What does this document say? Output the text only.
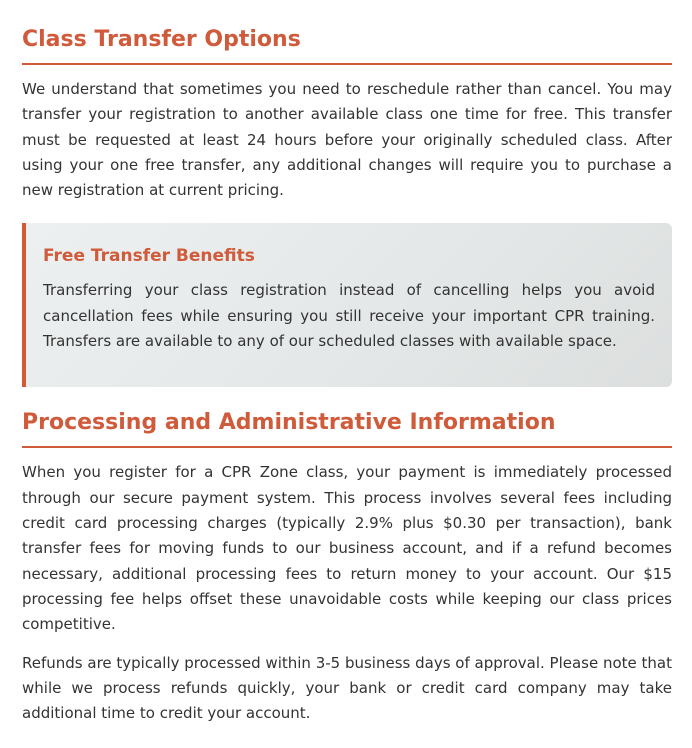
Class Transfer Options

We understand that sometimes you need to reschedule rather than cancel. You may transfer your registration to another available class one time for free. This transfer must be requested at least 24 hours before your originally scheduled class. After using your one free transfer, any additional changes will require you to purchase a new registration at current pricing.

Free Transfer Benefits

Transferring your class registration instead of cancelling helps you avoid cancellation fees while ensuring you still receive your important CPR training. Transfers are available to any of our scheduled classes with available space.

Processing and Administrative Information

When you register for a CPR Zone class, your payment is immediately processed through our secure payment system. This process involves several fees including credit card processing charges (typically 2.9% plus $0.30 per transaction), bank transfer fees for moving funds to our business account, and if a refund becomes necessary, additional processing fees to return money to your account. Our $15 processing fee helps offset these unavoidable costs while keeping our class prices competitive.

Refunds are typically processed within 3-5 business days of approval. Please note that while we process refunds quickly, your bank or credit card company may take additional time to credit your account.
